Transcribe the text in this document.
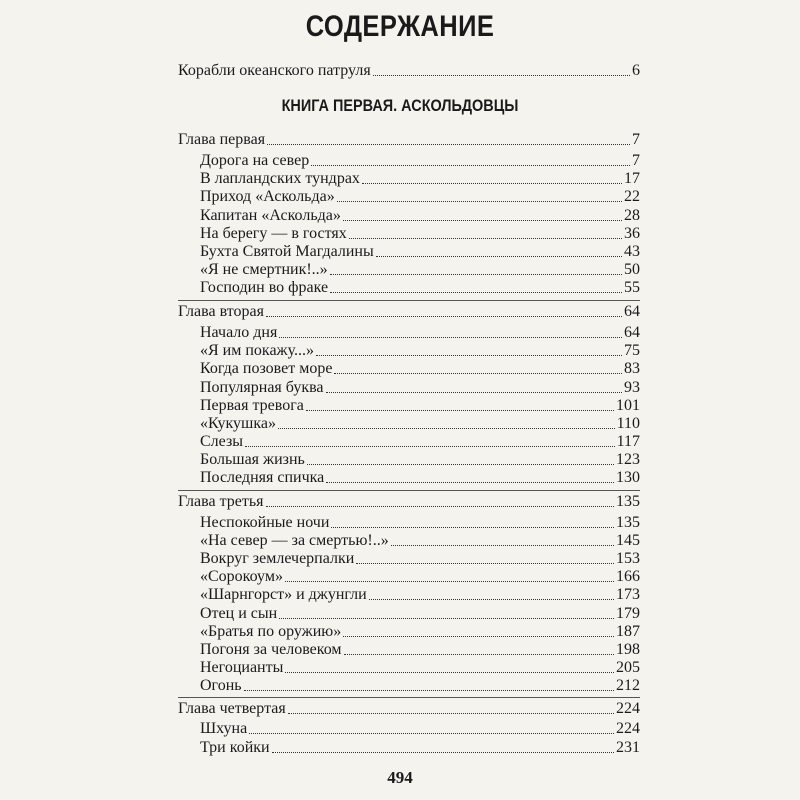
СОДЕРЖАНИЕ
Корабли океанского патруля	6
КНИГА ПЕРВАЯ. АСКОЛЬДОВЦЫ
Глава первая	7
Дорога на север	7
В лапландских тундрах	17
Приход «Аскольда»	22
Капитан «Аскольда»	28
На берегу — в гостях	36
Бухта Святой Магдалины	43
«Я не смертник!..»	50
Господин во фраке	55
Глава вторая	64
Начало дня	64
«Я им покажу...»	75
Когда позовет море	83
Популярная буква	93
Первая тревога	101
«Кукушка»	110
Слезы	117
Большая жизнь	123
Последняя спичка	130
Глава третья	135
Неспокойные ночи	135
«На север — за смертью!..»	145
Вокруг землечерпалки	153
«Сорокоум»	166
«Шарнгорст» и джунгли	173
Отец и сын	179
«Братья по оружию»	187
Погоня за человеком	198
Негоцианты	205
Огонь	212
Глава четвертая	224
Шхуна	224
Три койки	231
494
